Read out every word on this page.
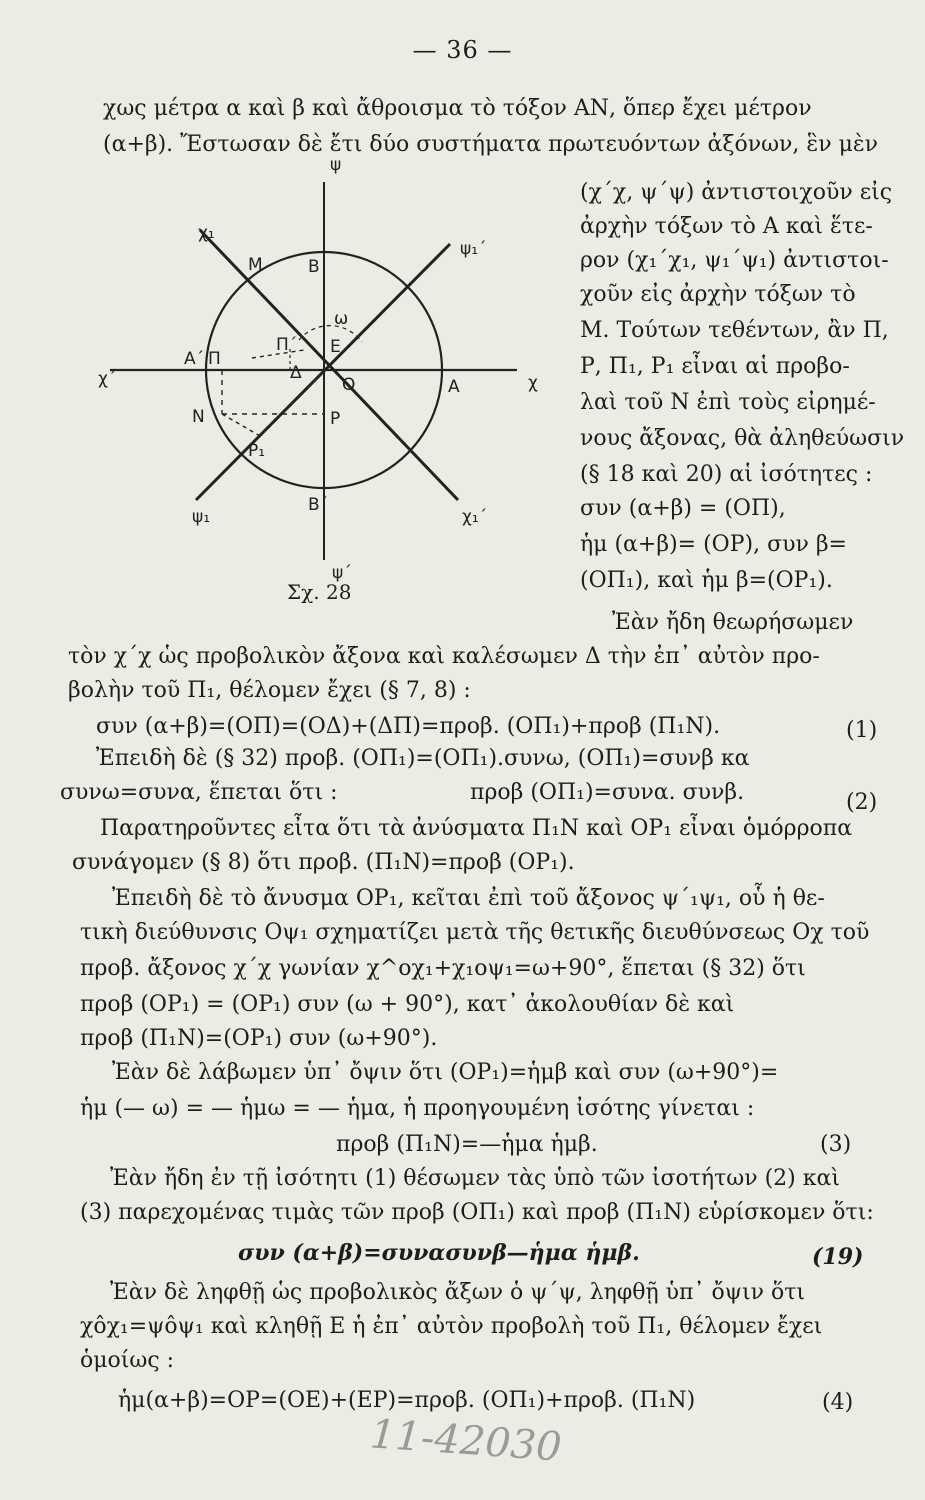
— 36 —
χως μέτρα α καὶ β καὶ ἄθροισμα τὸ τόξον ΑΝ, ὅπερ ἔχει μέτρον
(α+β). Ἔστωσαν δὲ ἔτι δύο συστήματα πρωτευόντων ἀξόνων, ἓν μὲν
ψ
ψ΄
χ₁
ψ₁΄
χ΄	χ
ψ₁	χ₁΄
Μ	Β
Β΄
Α΄
Α
Ν
Π
Π΄
Δ
Ε
Ο
Ρ
Ρ₁
ω
Σχ. 28
(χ΄χ, ψ΄ψ) ἀντιστοιχοῦν εἰς
ἀρχὴν τόξων τὸ Α καὶ ἕτε-
ρον (χ₁΄χ₁, ψ₁΄ψ₁) ἀντιστοι-
χοῦν εἰς ἀρχὴν τόξων τὸ
Μ. Τούτων τεθέντων, ἂν Π,
Ρ, Π₁, Ρ₁ εἶναι αἱ προβο-
λαὶ τοῦ Ν ἐπὶ τοὺς εἰρημέ-
νους ἄξονας, θὰ ἀληθεύωσιν
(§ 18 καὶ 20) αἱ ἰσότητες :
συν (α+β) = (ΟΠ),
ἡμ (α+β)= (ΟΡ), συν β=
(ΟΠ₁), καὶ ἡμ β=(ΟΡ₁).
Ἐὰν ἤδη θεωρήσωμεν
τὸν χ΄χ ὡς προβολικὸν ἄξονα καὶ καλέσωμεν Δ τὴν ἐπ᾽ αὐτὸν προ-
βολὴν τοῦ Π₁, θέλομεν ἔχει (§ 7, 8) :
συν (α+β)=(ΟΠ)=(ΟΔ)+(ΔΠ)=προβ. (ΟΠ₁)+προβ (Π₁Ν).	(1)
Ἐπειδὴ δὲ (§ 32) προβ. (ΟΠ₁)=(ΟΠ₁).συνω, (ΟΠ₁)=συνβ κα
συνω=συνα, ἕπεται ὅτι :	προβ (ΟΠ₁)=συνα. συνβ.	(2)
Παρατηροῦντες εἶτα ὅτι τὰ ἀνύσματα Π₁Ν καὶ ΟΡ₁ εἶναι ὁμόρροπα
συνάγομεν (§ 8) ὅτι προβ. (Π₁Ν)=προβ (ΟΡ₁).
Ἐπειδὴ δὲ τὸ ἄνυσμα ΟΡ₁, κεῖται ἐπὶ τοῦ ἄξονος ψ΄₁ψ₁, οὗ ἡ θε-
τικὴ διεύθυνσις Οψ₁ σχηματίζει μετὰ τῆς θετικῆς διευθύνσεως Οχ τοῦ
προβ. ἄξονος χ΄χ γωνίαν χ^οχ₁+χ₁οψ₁=ω+90°, ἕπεται (§ 32) ὅτι
προβ (ΟΡ₁) = (ΟΡ₁) συν (ω + 90°), κατ᾽ ἀκολουθίαν δὲ καὶ
προβ (Π₁Ν)=(ΟΡ₁) συν (ω+90°).
Ἐὰν δὲ λάβωμεν ὑπ᾽ ὄψιν ὅτι (ΟΡ₁)=ἡμβ καὶ συν (ω+90°)=
ἡμ (— ω) = — ἡμω = — ἡμα, ἡ προηγουμένη ἰσότης γίνεται :
προβ (Π₁Ν)=—ἡμα ἡμβ.	(3)
Ἐὰν ἤδη ἐν τῇ ἰσότητι (1) θέσωμεν τὰς ὑπὸ τῶν ἰσοτήτων (2) καὶ
(3) παρεχομένας τιμὰς τῶν προβ (ΟΠ₁) καὶ προβ (Π₁Ν) εὑρίσκομεν ὅτι:
συν (α+β)=συνασυνβ—ἡμα ἡμβ.	(19)
Ἐὰν δὲ ληφθῇ ὡς προβολικὸς ἄξων ὁ ψ΄ψ, ληφθῇ ὑπ᾽ ὄψιν ὅτι
χôχ₁=ψôψ₁ καὶ κληθῇ Ε ἡ ἐπ᾽ αὐτὸν προβολὴ τοῦ Π₁, θέλομεν ἔχει
ὁμοίως :
ἡμ(α+β)=ΟΡ=(ΟΕ)+(ΕΡ)=προβ. (ΟΠ₁)+προβ. (Π₁Ν)	(4)
11-42030
